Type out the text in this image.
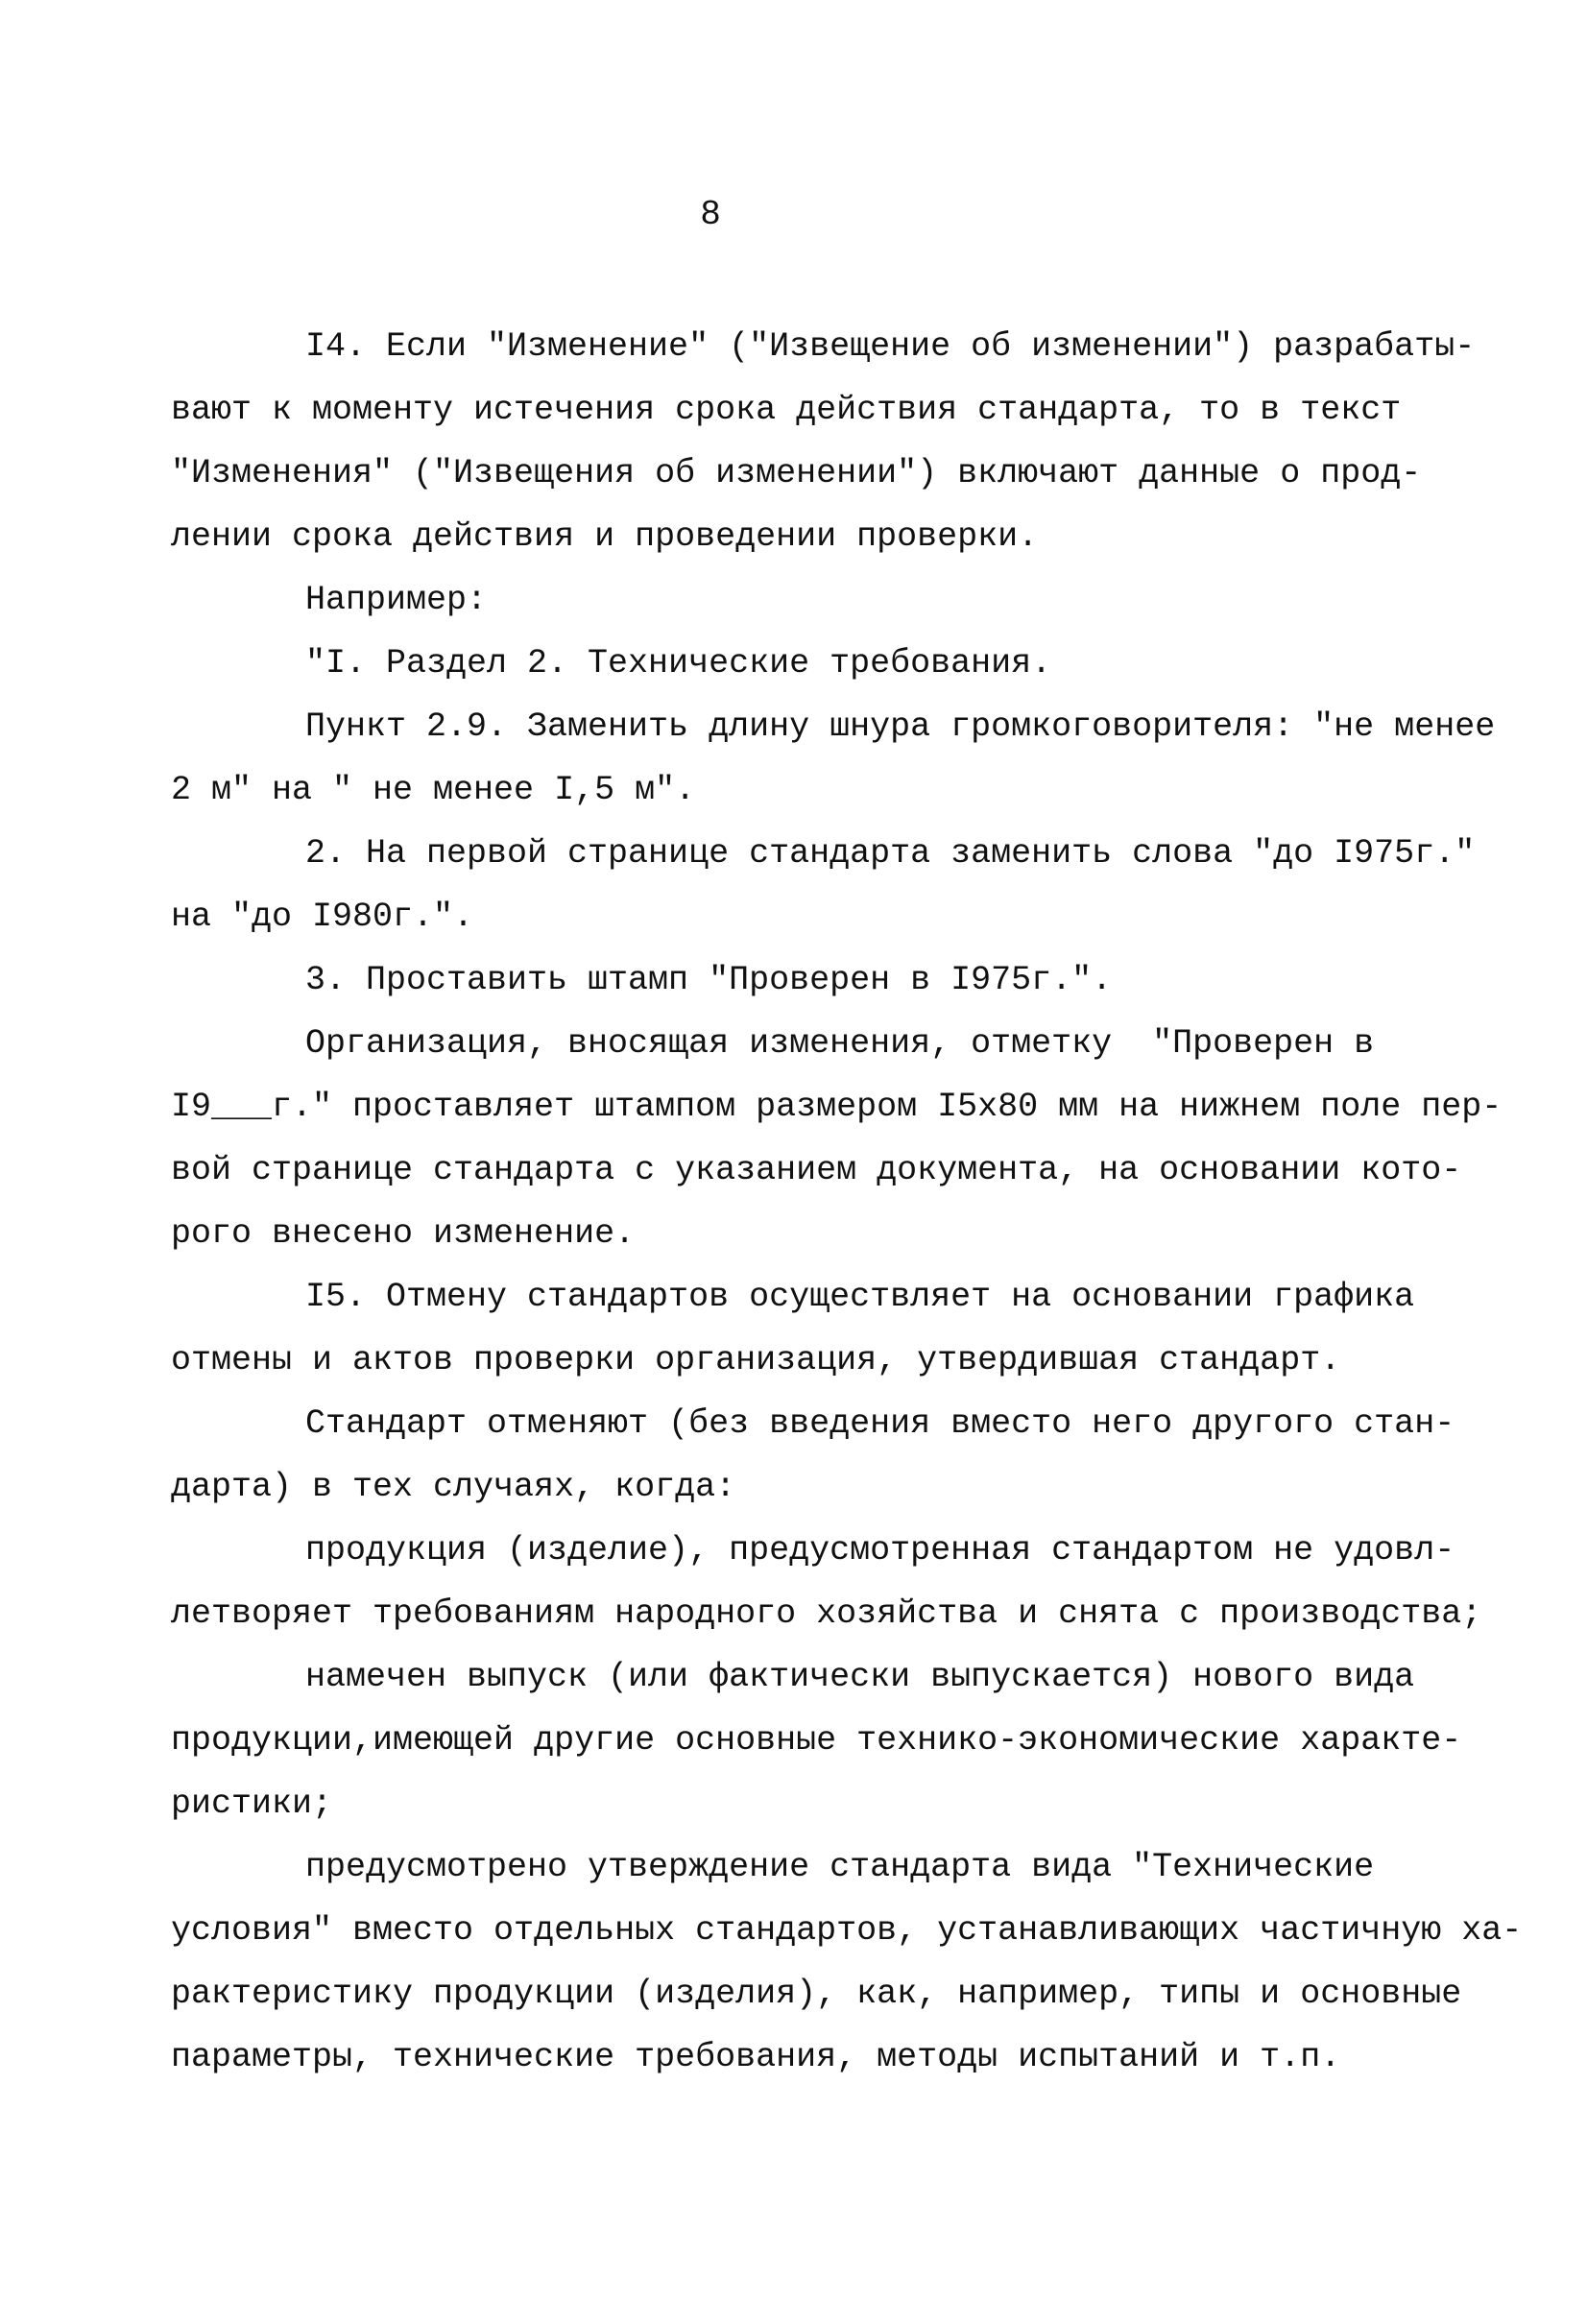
8
I4. Если "Изменение" ("Извещение об изменении") разрабаты-
вают к моменту истечения срока действия стандарта, то в текст
"Изменения" ("Извещения об изменении") включают данные о прод-
лении срока действия и проведении проверки.
Например:
"I. Раздел 2. Технические требования.
Пункт 2.9. Заменить длину шнура громкоговорителя: "не менее
2 м" на " не менее I,5 м".
2. На первой странице стандарта заменить слова "до I975г."
на "до I980г.".
3. Проставить штамп "Проверен в I975г.".
Организация, вносящая изменения, отметку  "Проверен в
I9___г." проставляет штампом размером I5х80 мм на нижнем поле пер-
вой странице стандарта с указанием документа, на основании кото-
рого внесено изменение.
I5. Отмену стандартов осуществляет на основании графика
отмены и актов проверки организация, утвердившая стандарт.
Стандарт отменяют (без введения вместо него другого стан-
дарта) в тех случаях, когда:
продукция (изделие), предусмотренная стандартом не удовл-
летворяет требованиям народного хозяйства и снята с производства;
намечен выпуск (или фактически выпускается) нового вида
продукции,имеющей другие основные технико-экономические характе-
ристики;
предусмотрено утверждение стандарта вида "Технические
условия" вместо отдельных стандартов, устанавливающих частичную ха-
рактеристику продукции (изделия), как, например, типы и основные
параметры, технические требования, методы испытаний и т.п.
